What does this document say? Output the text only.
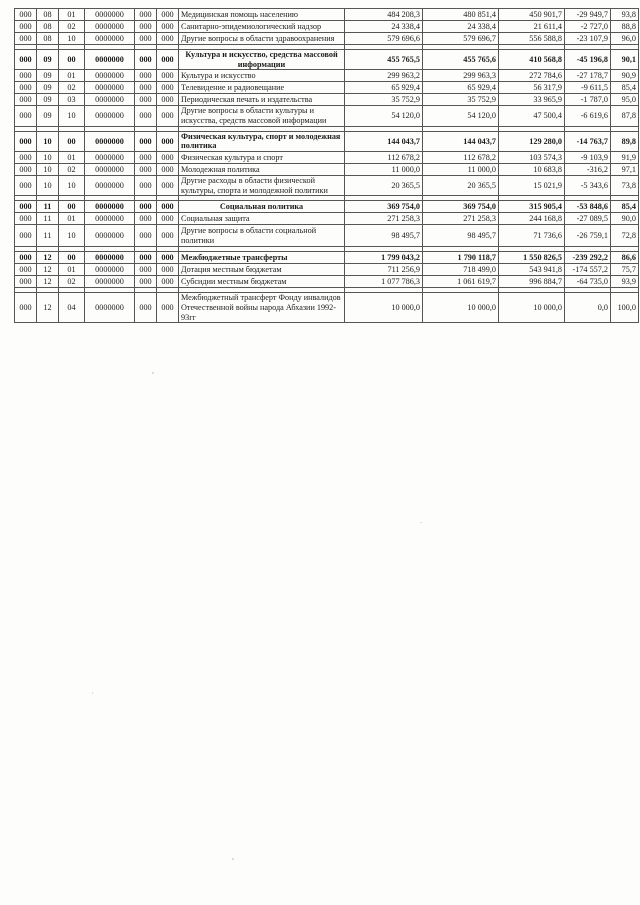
000	08	01	0000000	000	000	Медицинская помощь населению	484 208,3	480 851,4	450 901,7	-29 949,7	93,8
000	08	02	0000000	000	000	Санитарно-эпидемиологический надзор	24 338,4	24 338,4	21 611,4	-2 727,0	88,8
000	08	10	0000000	000	000	Другие вопросы в области здравоохранения	579 696,6	579 696,7	556 588,8	-23 107,9	96,0

000	09	00	0000000	000	000	Культура и искусство, средства массовой информации	455 765,5	455 765,6	410 568,8	-45 196,8	90,1
000	09	01	0000000	000	000	Культура и искусство	299 963,2	299 963,3	272 784,6	-27 178,7	90,9
000	09	02	0000000	000	000	Телевидение и радиовещание	65 929,4	65 929,4	56 317,9	-9 611,5	85,4
000	09	03	0000000	000	000	Периодическая печать и издательства	35 752,9	35 752,9	33 965,9	-1 787,0	95,0
000	09	10	0000000	000	000	Другие вопросы в области культуры и искусства, средств массовой информации	54 120,0	54 120,0	47 500,4	-6 619,6	87,8

000	10	00	0000000	000	000	Физическая культура, спорт и молодежная политика	144 043,7	144 043,7	129 280,0	-14 763,7	89,8
000	10	01	0000000	000	000	Физическая культура и спорт	112 678,2	112 678,2	103 574,3	-9 103,9	91,9
000	10	02	0000000	000	000	Молодежная политика	11 000,0	11 000,0	10 683,8	-316,2	97,1
000	10	10	0000000	000	000	Другие расходы в области физической культуры, спорта и молодежной политики	20 365,5	20 365,5	15 021,9	-5 343,6	73,8

000	11	00	0000000	000	000	Социальная политика	369 754,0	369 754,0	315 905,4	-53 848,6	85,4
000	11	01	0000000	000	000	Социальная защита	271 258,3	271 258,3	244 168,8	-27 089,5	90,0
000	11	10	0000000	000	000	Другие вопросы в области социальной политики	98 495,7	98 495,7	71 736,6	-26 759,1	72,8

000	12	00	0000000	000	000	Межбюджетные трансферты	1 799 043,2	1 790 118,7	1 550 826,5	-239 292,2	86,6
000	12	01	0000000	000	000	Дотация местным бюджетам	711 256,9	718 499,0	543 941,8	-174 557,2	75,7
000	12	02	0000000	000	000	Субсидии местным бюджетам	1 077 786,3	1 061 619,7	996 884,7	-64 735,0	93,9

000	12	04	0000000	000	000	Межбюджетный трансферт Фонду инвалидов Отечественной войны народа Абхазии 1992-93гг	10 000,0	10 000,0	10 000,0	0,0	100,0
